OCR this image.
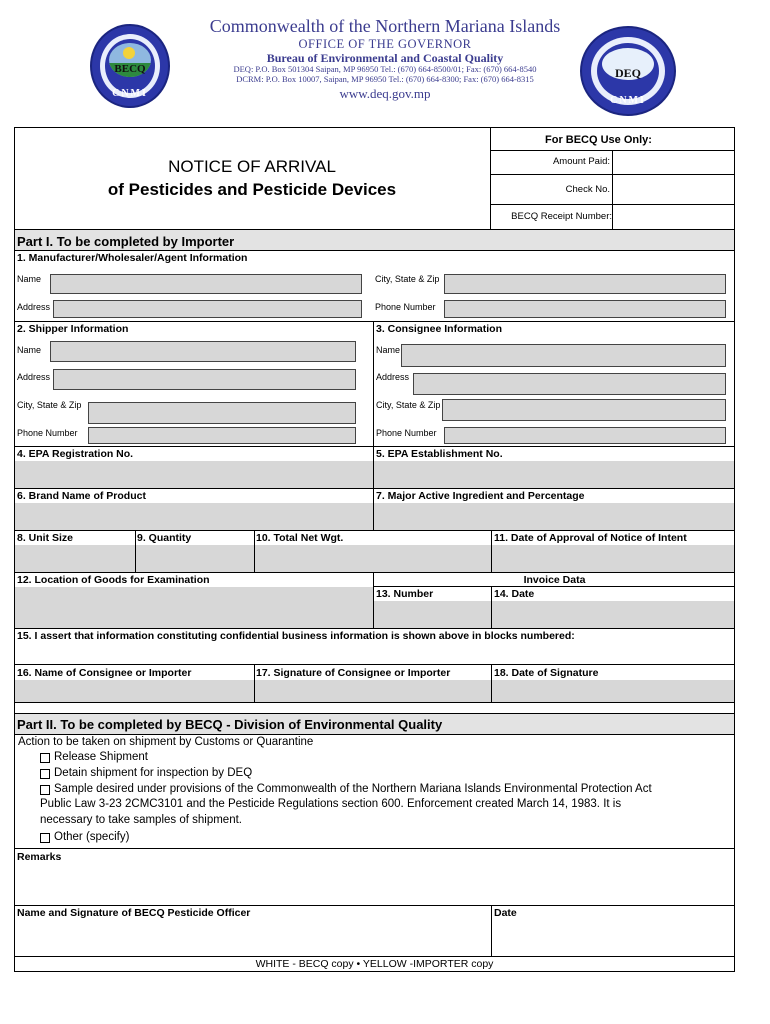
BECQ
CNMI
DEQ
CNMI
Commonwealth of the Northern Mariana Islands
OFFICE OF THE GOVERNOR
Bureau of Environmental and Coastal Quality
DEQ: P.O. Box 501304 Saipan, MP 96950 Tel.: (670) 664-8500/01; Fax: (670) 664-8540
DCRM: P.O. Box 10007, Saipan, MP 96950 Tel.: (670) 664-8300; Fax: (670) 664-8315
www.deq.gov.mp
NOTICE OF ARRIVAL
of Pesticides and Pesticide Devices
For BECQ Use Only:
Amount Paid:
Check No.
BECQ Receipt Number:
Part I. To be completed by Importer
1. Manufacturer/Wholesaler/Agent Information
Name	City, State & Zip
Address	Phone Number
2. Shipper Information	3. Consignee Information
Name
Address
City, State & Zip
Phone Number
Name
Address
City, State & Zip
Phone Number
4. EPA Registration No.	5. EPA Establishment No.
6. Brand Name of Product	7. Major Active Ingredient and Percentage
8. Unit Size	9. Quantity	10. Total Net Wgt.	11. Date of Approval of Notice of Intent
12. Location of Goods for Examination	Invoice Data
13. Number	14. Date
15. I assert that information constituting confidential business information is shown above in blocks numbered:
16. Name of Consignee or Importer	17. Signature of Consignee or Importer	18. Date of Signature
Part II. To be completed by BECQ - Division of Environmental Quality
Action to be taken on shipment by Customs or Quarantine
Release Shipment
Detain shipment for inspection by DEQ
Sample desired under provisions of the Commonwealth of the Northern Mariana Islands Environmental Protection Act
Public Law 3-23 2CMC3101 and the Pesticide Regulations section 600. Enforcement created March 14, 1983. It is
necessary to take samples of shipment.
Other (specify)
Remarks
Name and Signature of BECQ Pesticide Officer	Date
WHITE - BECQ copy • YELLOW -IMPORTER copy
